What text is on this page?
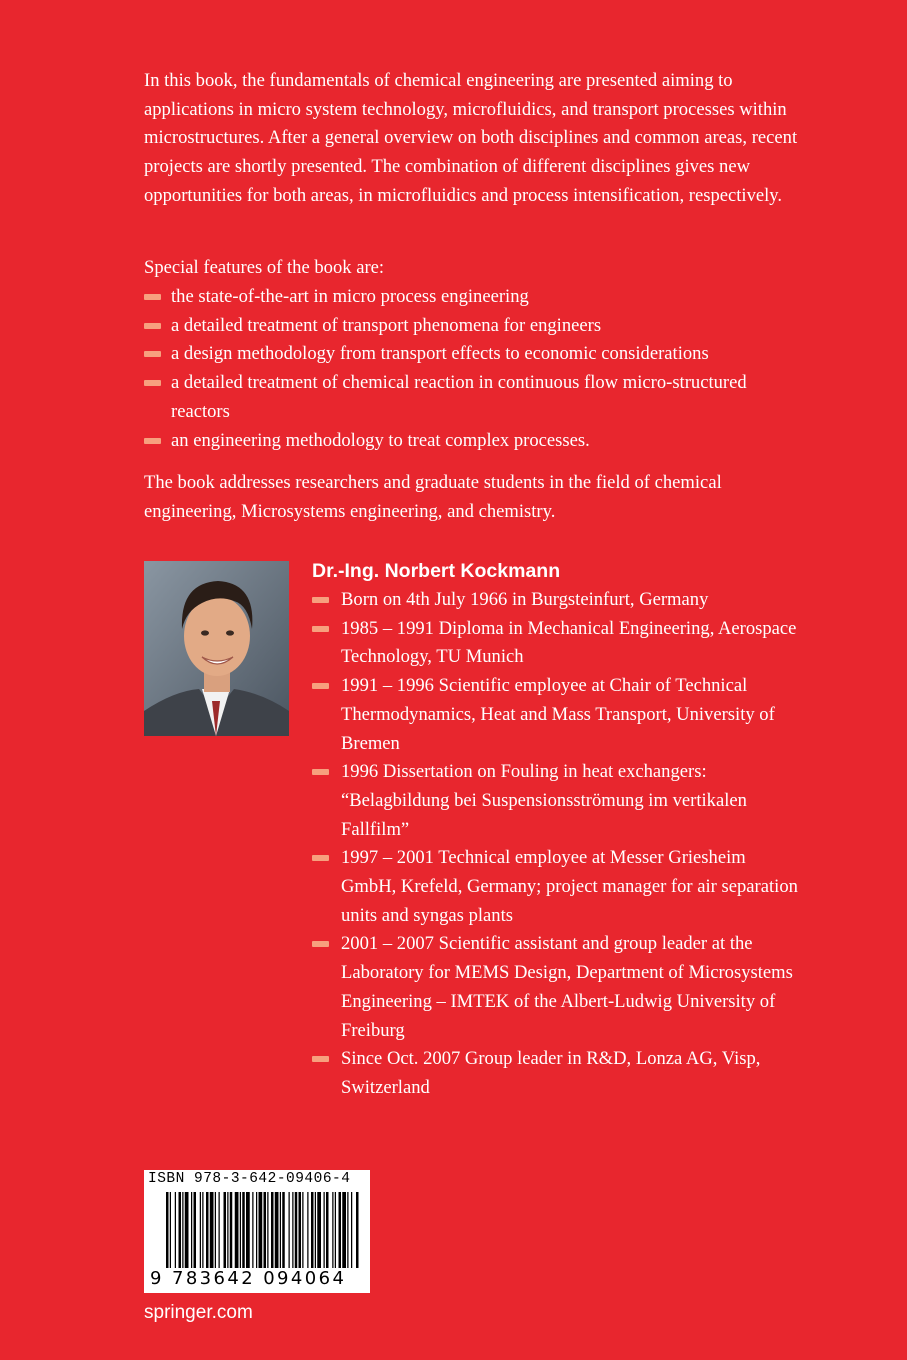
In this book, the fundamentals of chemical engineering are presented aiming to applications in micro system technology, microfluidics, and transport processes within microstructures. After a general overview on both disciplines and common areas, recent projects are shortly presented. The combination of different disciplines gives new opportunities for both areas, in microfluidics and process intensification, respectively.

Special features of the book are:

the state-of-the-art in micro process engineering
a detailed treatment of transport phenomena for engineers
a design methodology from transport effects to economic considerations
a detailed treatment of chemical reaction in continuous flow micro-structured reactors
an engineering methodology to treat complex processes.

The book addresses researchers and graduate students in the field of chemical engineering, Microsystems engineering, and chemistry.

Dr.-Ing. Norbert Kockmann
Born on 4th July 1966 in Burgsteinfurt, Germany
1985 – 1991 Diploma in Mechanical Engineering, Aerospace Technology, TU Munich
1991 – 1996 Scientific employee at Chair of Technical Thermodynamics, Heat and Mass Transport, University of Bremen
1996 Dissertation on Fouling in heat exchangers: “Belagbildung bei Suspensionsströmung im vertikalen Fallfilm”
1997 – 2001 Technical employee at Messer Griesheim GmbH, Krefeld, Germany; project manager for air separation units and syngas plants
2001 – 2007 Scientific assistant and group leader at the Laboratory for MEMS Design, Department of Microsystems Engineering – IMTEK of the Albert-Ludwig University of Freiburg
Since Oct. 2007 Group leader in R&D, Lonza AG, Visp, Switzerland
ISBN 978-3-642-09406-4
9 783642 094064
springer.com
